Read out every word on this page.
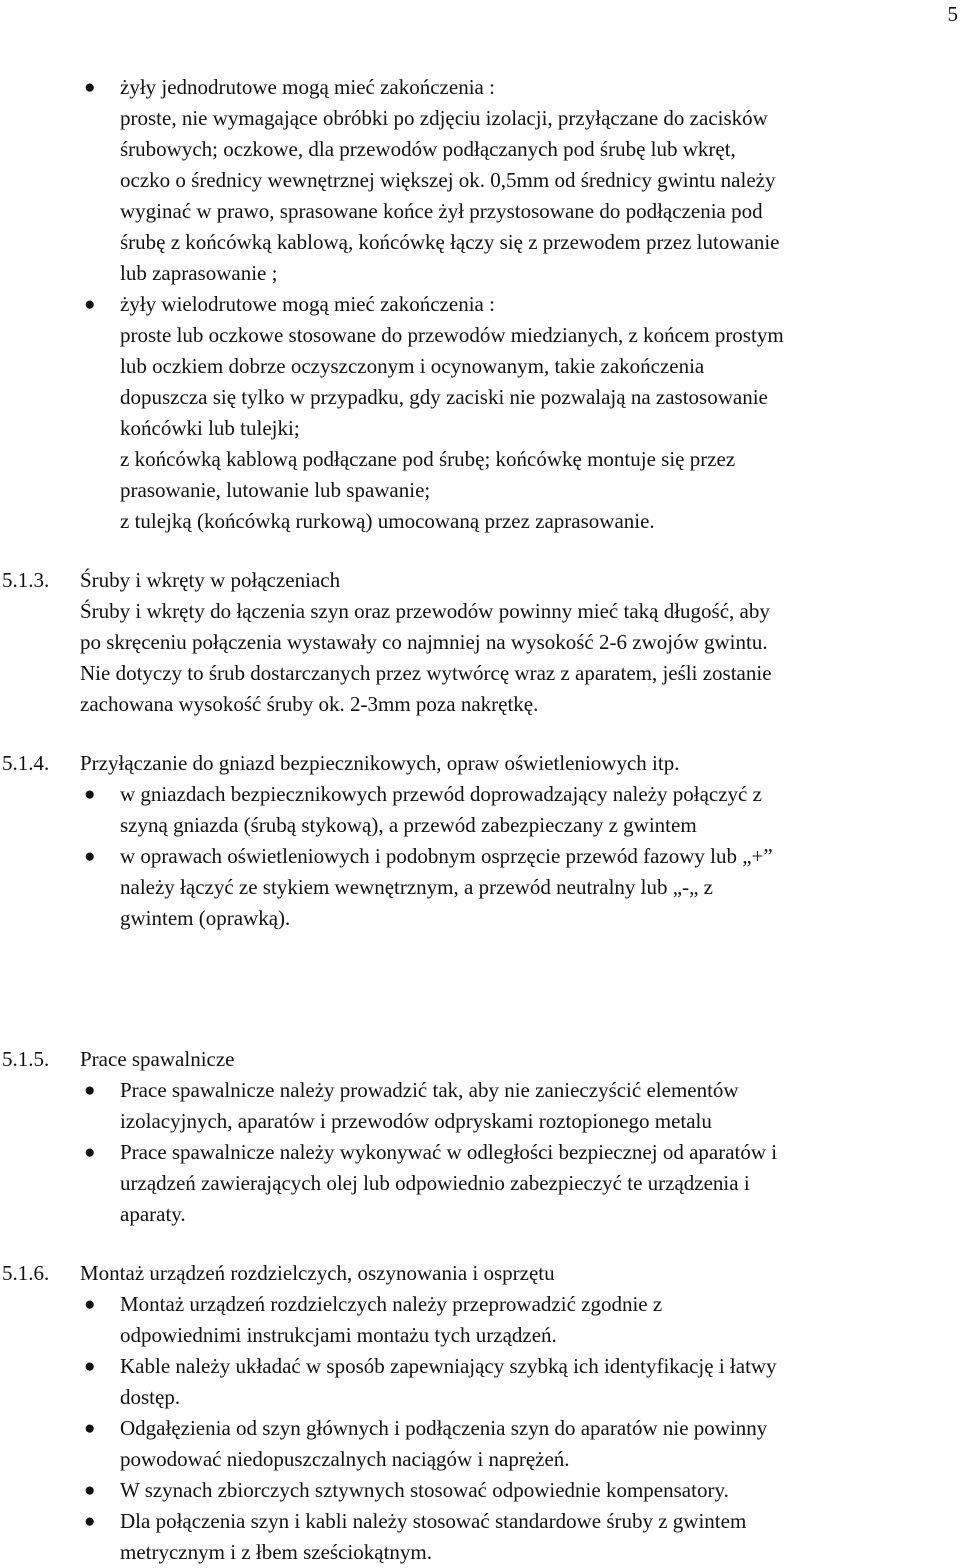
5
● żyły jednodrutowe mogą mieć zakończenia :
proste, nie wymagające obróbki po zdjęciu izolacji, przyłączane do zacisków
śrubowych; oczkowe, dla przewodów podłączanych pod śrubę lub wkręt,
oczko o średnicy wewnętrznej większej ok. 0,5mm od średnicy gwintu należy
wyginać w prawo, sprasowane końce żył przystosowane do podłączenia pod
śrubę z końcówką kablową, końcówkę łączy się z przewodem przez lutowanie
lub zaprasowanie ;
● żyły wielodrutowe mogą mieć zakończenia :
proste lub oczkowe stosowane do przewodów miedzianych, z końcem prostym
lub oczkiem dobrze oczyszczonym i ocynowanym, takie zakończenia
dopuszcza się tylko w przypadku, gdy zaciski nie pozwalają na zastosowanie
końcówki lub tulejki;
z końcówką kablową podłączane pod śrubę; końcówkę montuje się przez
prasowanie, lutowanie lub spawanie;
z tulejką (końcówką rurkową) umocowaną przez zaprasowanie.
5.1.3. Śruby i wkręty w połączeniach
Śruby i wkręty do łączenia szyn oraz przewodów powinny mieć taką długość, aby
po skręceniu połączenia wystawały co najmniej na wysokość 2-6 zwojów gwintu.
Nie dotyczy to śrub dostarczanych przez wytwórcę wraz z aparatem, jeśli zostanie
zachowana wysokość śruby ok. 2-3mm poza nakrętkę.
5.1.4. Przyłączanie do gniazd bezpiecznikowych, opraw oświetleniowych itp.
● w gniazdach bezpiecznikowych przewód doprowadzający należy połączyć z
szyną gniazda (śrubą stykową), a przewód zabezpieczany z gwintem
● w oprawach oświetleniowych i podobnym osprzęcie przewód fazowy lub „+”
należy łączyć ze stykiem wewnętrznym, a przewód neutralny lub „-„ z
gwintem (oprawką).
5.1.5. Prace spawalnicze
● Prace spawalnicze należy prowadzić tak, aby nie zanieczyścić elementów
izolacyjnych, aparatów i przewodów odpryskami roztopionego metalu
● Prace spawalnicze należy wykonywać w odległości bezpiecznej od aparatów i
urządzeń zawierających olej lub odpowiednio zabezpieczyć te urządzenia i
aparaty.
5.1.6. Montaż urządzeń rozdzielczych, oszynowania i osprzętu
● Montaż urządzeń rozdzielczych należy przeprowadzić zgodnie z
odpowiednimi instrukcjami montażu tych urządzeń.
● Kable należy układać w sposób zapewniający szybką ich identyfikację i łatwy
dostęp.
● Odgałęzienia od szyn głównych i podłączenia szyn do aparatów nie powinny
powodować niedopuszczalnych naciągów i naprężeń.
● W szynach zbiorczych sztywnych stosować odpowiednie kompensatory.
● Dla połączenia szyn i kabli należy stosować standardowe śruby z gwintem
metrycznym i z łbem sześciokątnym.
